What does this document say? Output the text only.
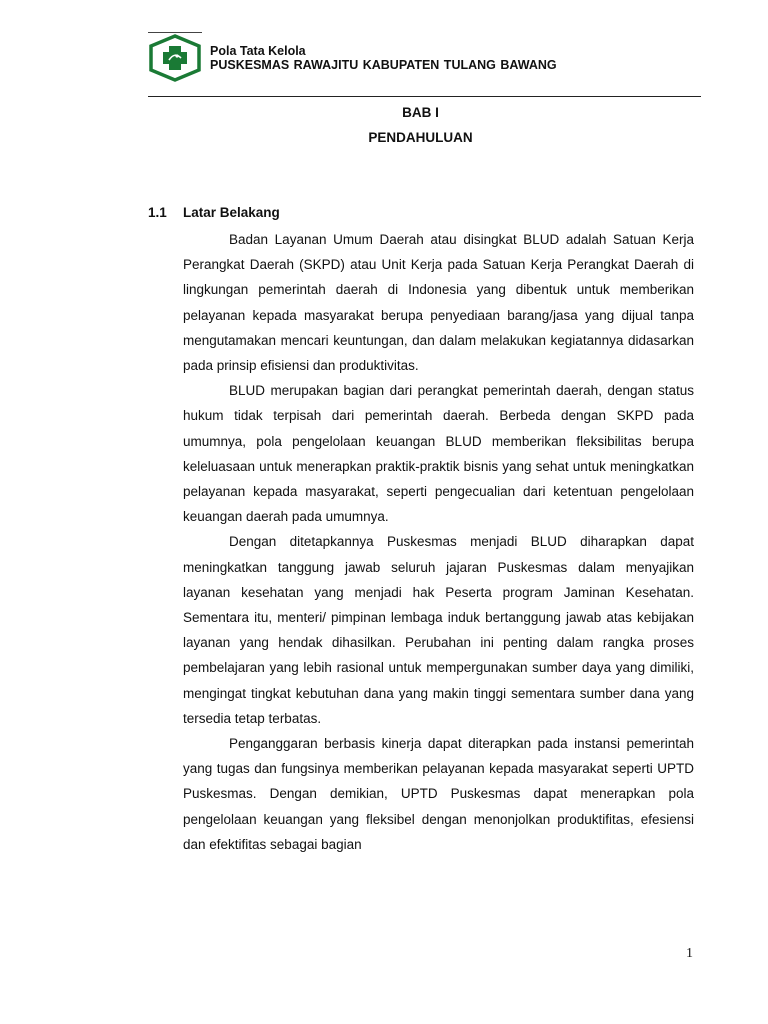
Pola Tata Kelola
PUSKESMAS RAWAJITU KABUPATEN TULANG BAWANG
BAB I
PENDAHULUAN
1.1 Latar Belakang

Badan Layanan Umum Daerah atau disingkat BLUD adalah Satuan Kerja Perangkat Daerah (SKPD) atau Unit Kerja pada Satuan Kerja Perangkat Daerah di lingkungan pemerintah daerah di Indonesia yang dibentuk untuk memberikan pelayanan kepada masyarakat berupa penyediaan barang/jasa yang dijual tanpa mengutamakan mencari keuntungan, dan dalam melakukan kegiatannya didasarkan pada prinsip efisiensi dan produktivitas.

BLUD merupakan bagian dari perangkat pemerintah daerah, dengan status hukum tidak terpisah dari pemerintah daerah. Berbeda dengan SKPD pada umumnya, pola pengelolaan keuangan BLUD memberikan fleksibilitas berupa keleluasaan untuk menerapkan praktik-praktik bisnis yang sehat untuk meningkatkan pelayanan kepada masyarakat, seperti pengecualian dari ketentuan pengelolaan keuangan daerah pada umumnya.

Dengan ditetapkannya Puskesmas menjadi BLUD diharapkan dapat meningkatkan tanggung jawab seluruh jajaran Puskesmas dalam menyajikan layanan kesehatan yang menjadi hak Peserta program Jaminan Kesehatan. Sementara itu, menteri/ pimpinan lembaga induk bertanggung jawab atas kebijakan layanan yang hendak dihasilkan. Perubahan ini penting dalam rangka proses pembelajaran yang lebih rasional untuk mempergunakan sumber daya yang dimiliki, mengingat tingkat kebutuhan dana yang makin tinggi sementara sumber dana yang tersedia tetap terbatas.

Penganggaran berbasis kinerja dapat diterapkan pada instansi pemerintah yang tugas dan fungsinya memberikan pelayanan kepada masyarakat seperti UPTD Puskesmas. Dengan demikian, UPTD Puskesmas dapat menerapkan pola pengelolaan keuangan yang fleksibel dengan menonjolkan produktifitas, efesiensi dan efektifitas sebagai bagian

1
